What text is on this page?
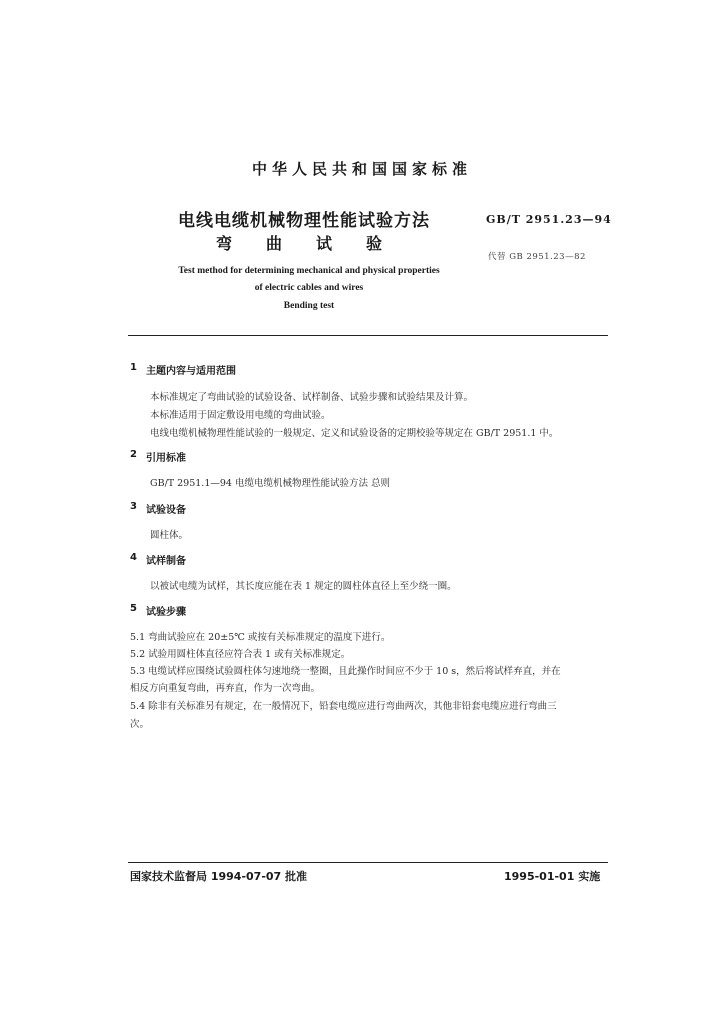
中华人民共和国国家标准
电线电缆机械物理性能试验方法
弯曲试验
GB/T 2951.23—94
代替 GB 2951.23—82
Test method for determining mechanical and physical properties
of electric cables and wires
Bending test
1 主题内容与适用范围
本标准规定了弯曲试验的试验设备、试样制备、试验步骤和试验结果及计算。
本标准适用于固定敷设用电缆的弯曲试验。
电线电缆机械物理性能试验的一般规定、定义和试验设备的定期校验等规定在 GB/T 2951.1 中。
2 引用标准
GB/T 2951.1—94 电缆电缆机械物理性能试验方法 总则
3 试验设备
圆柱体。
4 试样制备
以被试电缆为试样，其长度应能在表 1 规定的圆柱体直径上至少绕一圈。
5 试验步骤
5.1 弯曲试验应在 20±5℃ 或按有关标准规定的温度下进行。
5.2 试验用圆柱体直径应符合表 1 或有关标准规定。
5.3 电缆试样应围绕试验圆柱体匀速地绕一整圈，且此操作时间应不少于 10 s，然后将试样弃直，并在
相反方向重复弯曲，再弃直，作为一次弯曲。
5.4 除非有关标准另有规定，在一般情况下，铅套电缆应进行弯曲两次，其他非铅套电缆应进行弯曲三
次。
国家技术监督局 1994-07-07 批准	1995-01-01 实施
